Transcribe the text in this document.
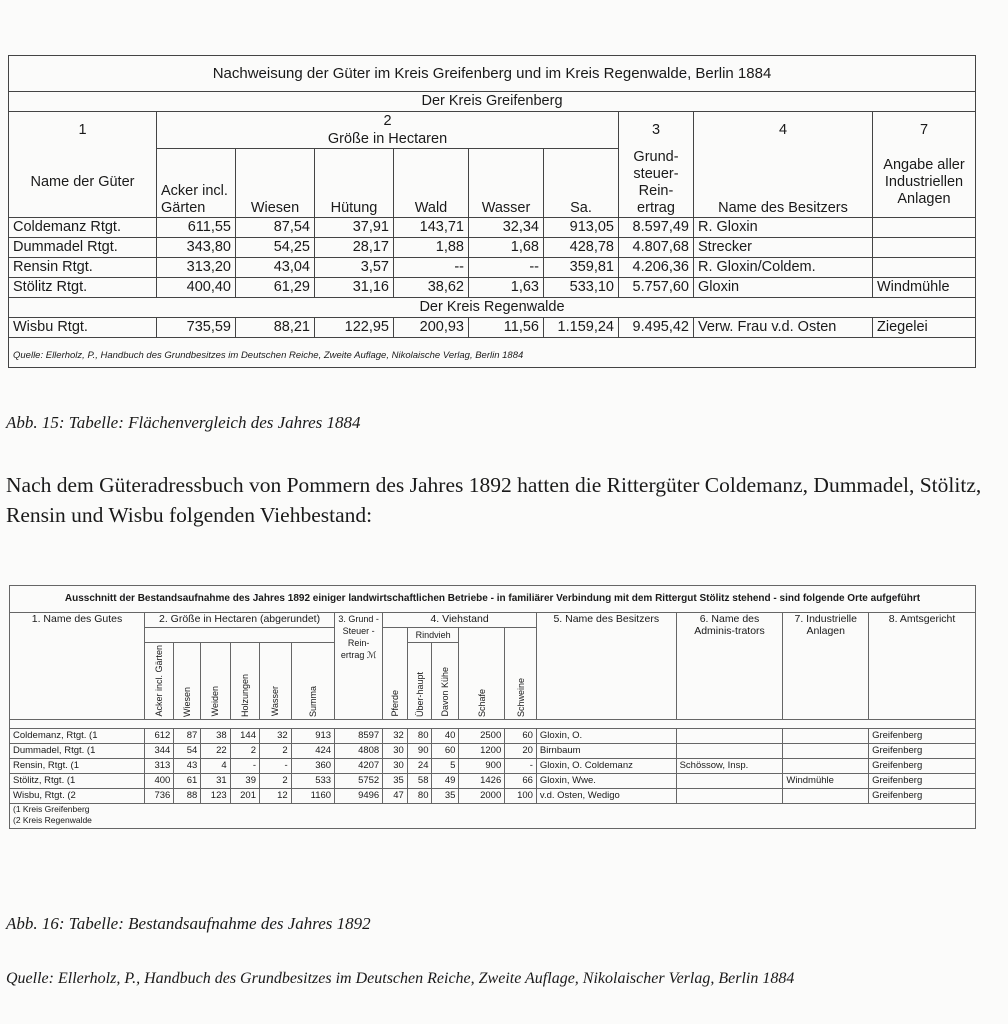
Nachweisung der Güter im Kreis Greifenberg und im Kreis Regenwalde, Berlin 1884									
Der Kreis Greifenberg									
1	2
Größe in Hectaren						3	4	7
Name der Güter	Acker incl. Gärten	Wiesen	Hütung	Wald	Wasser	Sa.	Grund-steuer-Rein-ertrag	Name des Besitzers	Angabe aller Industriellen Anlagen
Coldemanz Rtgt.	611,55	87,54	37,91	143,71	32,34	913,05	8.597,49	R. Gloxin	
Dummadel Rtgt.	343,80	54,25	28,17	1,88	1,68	428,78	4.807,68	Strecker	
Rensin Rtgt.	313,20	43,04	3,57	--	--	359,81	4.206,36	R. Gloxin/Coldem.	
Stölitz Rtgt.	400,40	61,29	31,16	38,62	1,63	533,10	5.757,60	Gloxin	Windmühle
Der Kreis Regenwalde									
Wisbu Rtgt.	735,59	88,21	122,95	200,93	11,56	1.159,24	9.495,42	Verw. Frau v.d. Osten	Ziegelei
Quelle: Ellerholz, P., Handbuch des Grundbesitzes im Deutschen Reiche, Zweite Auflage, Nikolaische Verlag, Berlin 1884									
Abb. 15: Tabelle: Flächenvergleich des Jahres 1884
Nach dem Güteradressbuch von Pommern des Jahres 1892 hatten die Rittergüter Coldemanz, Dummadel, Stölitz, Rensin und Wisbu folgenden Viehbestand:
Ausschnitt der Bestandsaufnahme des Jahres 1892 einiger landwirtschaftlichen Betriebe - in familiärer Verbindung mit dem Rittergut Stölitz stehend - sind folgende Orte aufgeführt																
1. Name des Gutes	2. Größe in Hectaren (abgerundet)						3. Grund - Steuer - Rein-ertrag ℳ	4. Viehstand					5. Name des Besitzers	6. Name des Adminis-trators	7. Industrielle Anlagen	8. Amtsgericht

								Pferde	Rindvieh		Schafe	Schweine				

	Acker incl. Gärten	Wiesen	Weiden	Holzungen	Wasser	Summa			Über-haupt	Davon Kühe						

Coldemanz, Rtgt. (1	612	87	38	144	32	913	8597	32	80	40	2500	60	Gloxin, O.			Greifenberg
Dummadel, Rtgt. (1	344	54	22	2	2	424	4808	30	90	60	1200	20	Birnbaum			Greifenberg
Rensin, Rtgt. (1	313	43	4	-	-	360	4207	30	24	5	900	-	Gloxin, O. Coldemanz	Schössow, Insp.		Greifenberg
Stölitz, Rtgt. (1	400	61	31	39	2	533	5752	35	58	49	1426	66	Gloxin, Wwe.		Windmühle	Greifenberg
Wisbu, Rtgt. (2	736	88	123	201	12	1160	9496	47	80	35	2000	100	v.d. Osten, Wedigo			Greifenberg
(1 Kreis Greifenberg
(2 Kreis Regenwalde																
Abb. 16: Tabelle: Bestandsaufnahme des Jahres 1892
Quelle: Ellerholz, P., Handbuch des Grundbesitzes im Deutschen Reiche, Zweite Auflage, Nikolaischer Verlag, Berlin 1884
